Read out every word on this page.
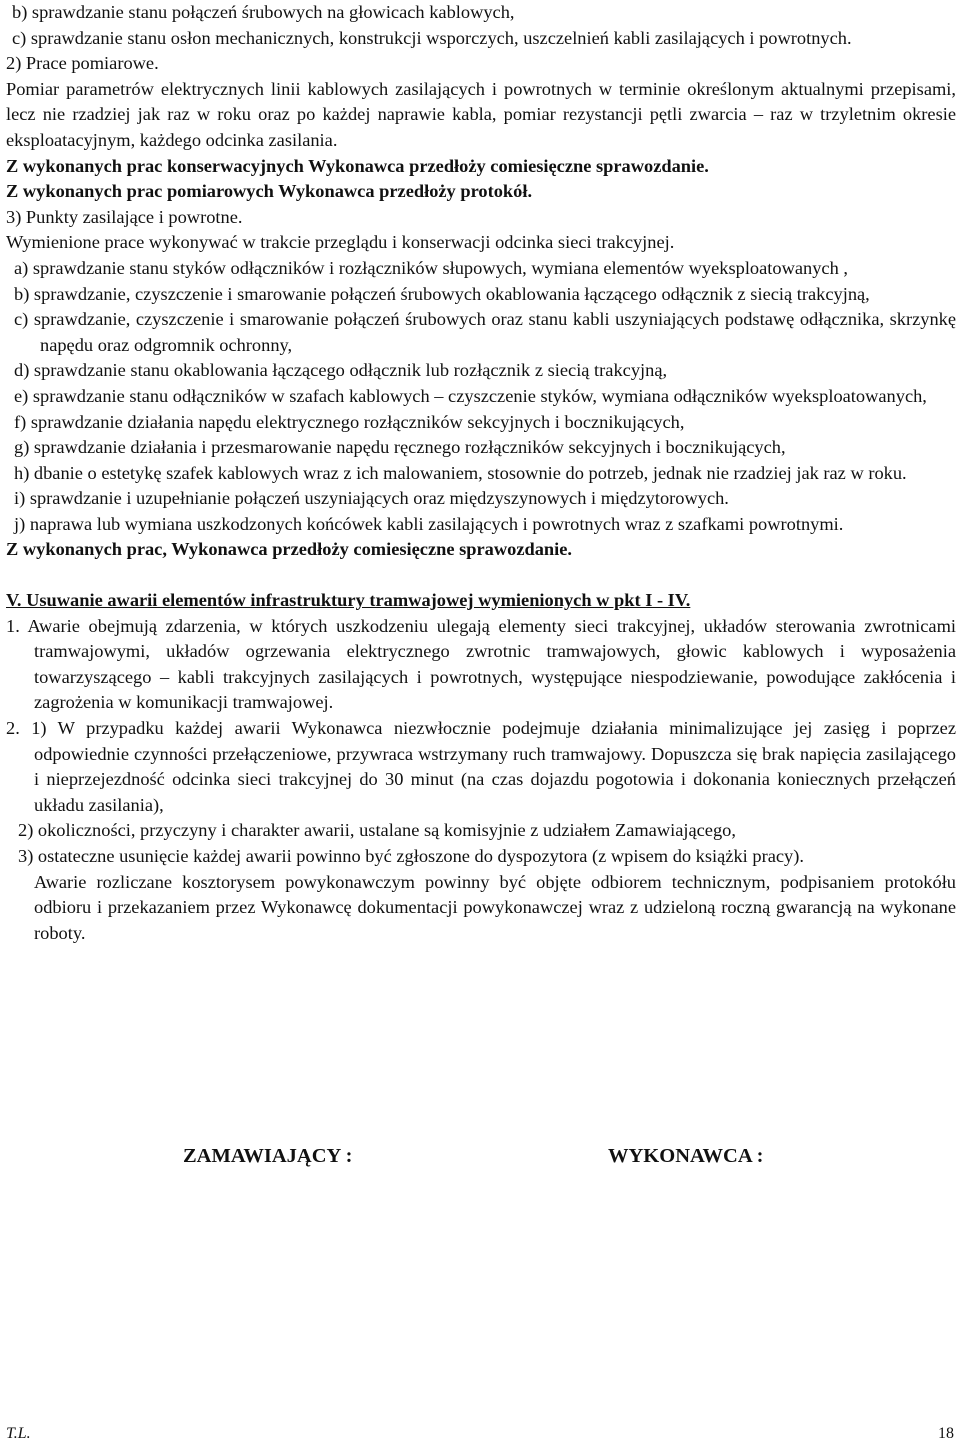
b) sprawdzanie stanu połączeń śrubowych na głowicach kablowych,

c) sprawdzanie stanu osłon mechanicznych, konstrukcji wsporczych, uszczelnień kabli zasilających i powrotnych.

2) Prace pomiarowe.

Pomiar parametrów elektrycznych linii kablowych zasilających i powrotnych w terminie określonym aktualnymi przepisami, lecz nie rzadziej jak raz w roku oraz po każdej naprawie kabla, pomiar rezystancji pętli zwarcia – raz w trzyletnim okresie eksploatacyjnym, każdego odcinka zasilania.

Z wykonanych prac konserwacyjnych Wykonawca przedłoży comiesięczne sprawozdanie.

Z wykonanych prac pomiarowych Wykonawca przedłoży protokół.

3) Punkty zasilające i powrotne.

Wymienione prace wykonywać w trakcie przeglądu i konserwacji odcinka sieci trakcyjnej.

a) sprawdzanie stanu styków odłączników i rozłączników słupowych, wymiana elementów wyeksploatowanych ,

b) sprawdzanie, czyszczenie i smarowanie połączeń śrubowych okablowania łączącego odłącznik z siecią trakcyjną,

c) sprawdzanie, czyszczenie i smarowanie połączeń śrubowych oraz stanu kabli uszyniających podstawę odłącznika, skrzynkę napędu oraz odgromnik ochronny,

d) sprawdzanie stanu okablowania łączącego odłącznik lub rozłącznik z siecią trakcyjną,

e) sprawdzanie stanu odłączników w szafach kablowych – czyszczenie styków, wymiana odłączników wyeksploatowanych,

f) sprawdzanie działania napędu elektrycznego rozłączników sekcyjnych i bocznikujących,

g) sprawdzanie działania i przesmarowanie napędu ręcznego rozłączników sekcyjnych i bocznikujących,

h) dbanie o estetykę szafek kablowych wraz z ich malowaniem, stosownie do potrzeb, jednak nie rzadziej jak raz w roku.

i) sprawdzanie i uzupełnianie połączeń uszyniających oraz międzyszynowych i międzytorowych.

j) naprawa lub wymiana uszkodzonych końcówek kabli zasilających i powrotnych wraz z szafkami powrotnymi.

Z wykonanych prac, Wykonawca przedłoży comiesięczne sprawozdanie.

V. Usuwanie awarii elementów infrastruktury tramwajowej wymienionych w pkt I - IV.

1. Awarie obejmują zdarzenia, w których uszkodzeniu ulegają elementy sieci trakcyjnej, układów sterowania zwrotnicami tramwajowymi, układów ogrzewania elektrycznego zwrotnic tramwajowych, głowic kablowych i wyposażenia towarzyszącego – kabli trakcyjnych zasilających i powrotnych, występujące niespodziewanie, powodujące zakłócenia i zagrożenia w komunikacji tramwajowej.

2. 1) W przypadku każdej awarii Wykonawca niezwłocznie podejmuje działania minimalizujące jej zasięg i poprzez odpowiednie czynności przełączeniowe, przywraca wstrzymany ruch tramwajowy. Dopuszcza się brak napięcia zasilającego i nieprzejezdność odcinka sieci trakcyjnej do 30 minut (na czas dojazdu pogotowia i dokonania koniecznych przełączeń układu zasilania),

2) okoliczności, przyczyny i charakter awarii, ustalane są komisyjnie z udziałem Zamawiającego,

3) ostateczne usunięcie każdej awarii powinno być zgłoszone do dyspozytora (z wpisem do książki pracy).

Awarie rozliczane kosztorysem powykonawczym powinny być objęte odbiorem technicznym, podpisaniem protokółu odbioru i przekazaniem przez Wykonawcę dokumentacji powykonawczej wraz z udzieloną roczną gwarancją na wykonane roboty.

ZAMAWIAJĄCY :	WYKONAWCA :
T.L.	18
